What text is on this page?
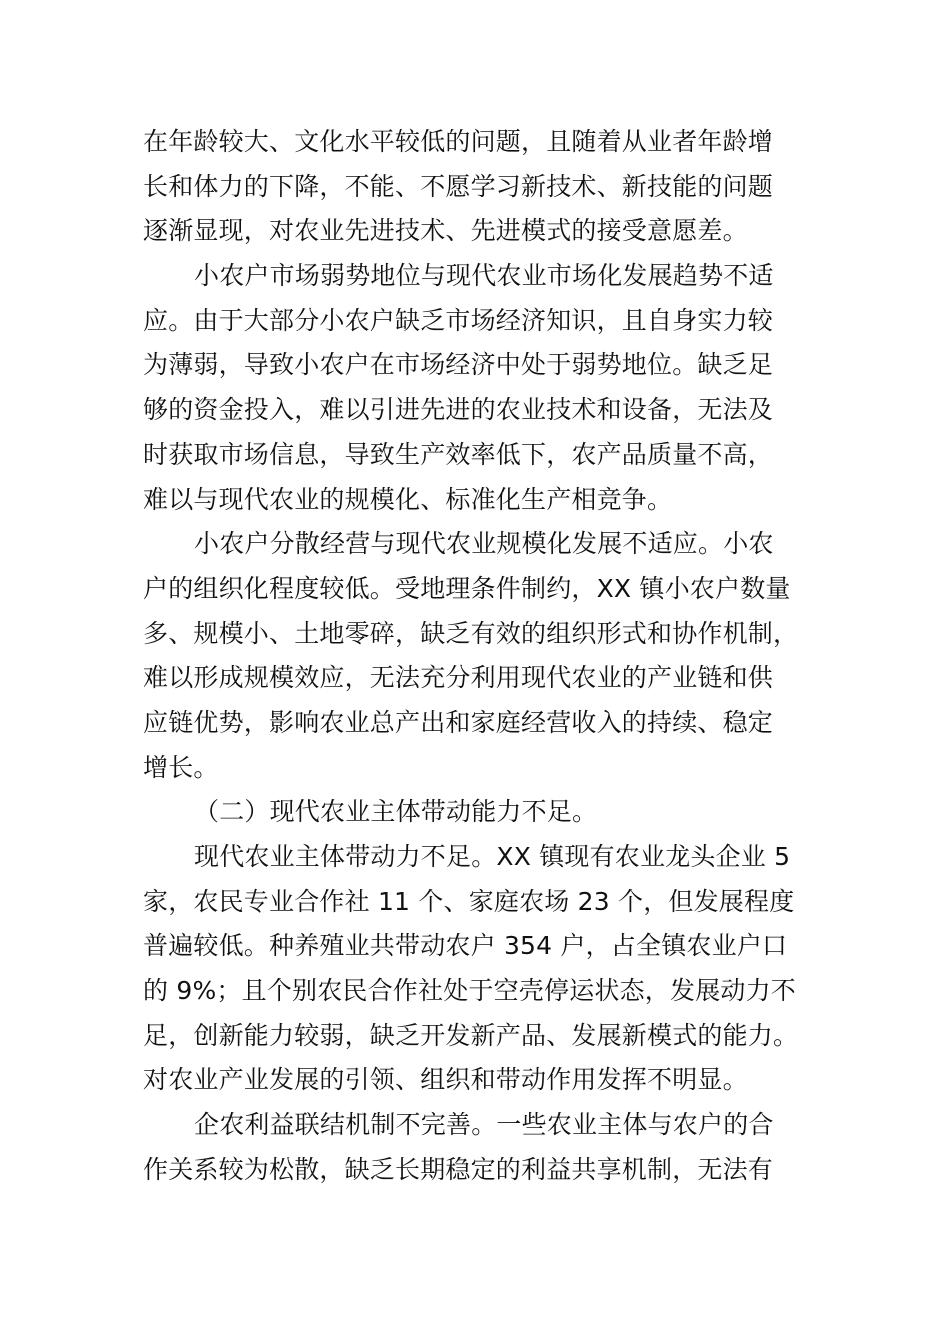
在年龄较大、文化水平较低的问题，且随着从业者年龄增
长和体力的下降，不能、不愿学习新技术、新技能的问题
逐渐显现，对农业先进技术、先进模式的接受意愿差。
小农户市场弱势地位与现代农业市场化发展趋势不适
应。由于大部分小农户缺乏市场经济知识，且自身实力较
为薄弱，导致小农户在市场经济中处于弱势地位。缺乏足
够的资金投入，难以引进先进的农业技术和设备，无法及
时获取市场信息，导致生产效率低下，农产品质量不高，
难以与现代农业的规模化、标准化生产相竞争。
小农户分散经营与现代农业规模化发展不适应。小农
户的组织化程度较低。受地理条件制约，XX 镇小农户数量
多、规模小、土地零碎，缺乏有效的组织形式和协作机制，
难以形成规模效应，无法充分利用现代农业的产业链和供
应链优势，影响农业总产出和家庭经营收入的持续、稳定
增长。
（二）现代农业主体带动能力不足。
现代农业主体带动力不足。XX 镇现有农业龙头企业 5
家，农民专业合作社 11 个、家庭农场 23 个，但发展程度
普遍较低。种养殖业共带动农户 354 户，占全镇农业户口
的 9%；且个别农民合作社处于空壳停运状态，发展动力不
足，创新能力较弱，缺乏开发新产品、发展新模式的能力。
对农业产业发展的引领、组织和带动作用发挥不明显。
企农利益联结机制不完善。一些农业主体与农户的合
作关系较为松散，缺乏长期稳定的利益共享机制，无法有
